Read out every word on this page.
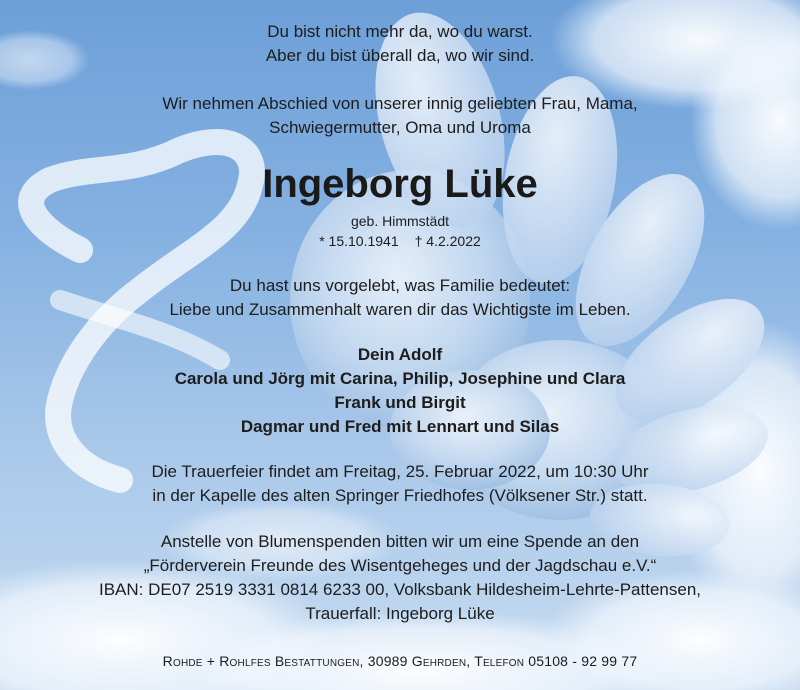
Du bist nicht mehr da, wo du warst.
Aber du bist überall da, wo wir sind.
Wir nehmen Abschied von unserer innig geliebten Frau, Mama,
Schwiegermutter, Oma und Uroma
Ingeborg Lüke
geb. Himmstädt
* 15.10.1941 † 4.2.2022
Du hast uns vorgelebt, was Familie bedeutet:
Liebe und Zusammenhalt waren dir das Wichtigste im Leben.
Dein Adolf
Carola und Jörg mit Carina, Philip, Josephine und Clara
Frank und Birgit
Dagmar und Fred mit Lennart und Silas
Die Trauerfeier findet am Freitag, 25. Februar 2022, um 10:30 Uhr
in der Kapelle des alten Springer Friedhofes (Völksener Str.) statt.
Anstelle von Blumenspenden bitten wir um eine Spende an den
„Förderverein Freunde des Wisentgeheges und der Jagdschau e.V.“
IBAN: DE07 2519 3331 0814 6233 00, Volksbank Hildesheim-Lehrte-Pattensen,
Trauerfall: Ingeborg Lüke
Rohde + Rohlfes Bestattungen, 30989 Gehrden, Telefon 05108 - 92 99 77
